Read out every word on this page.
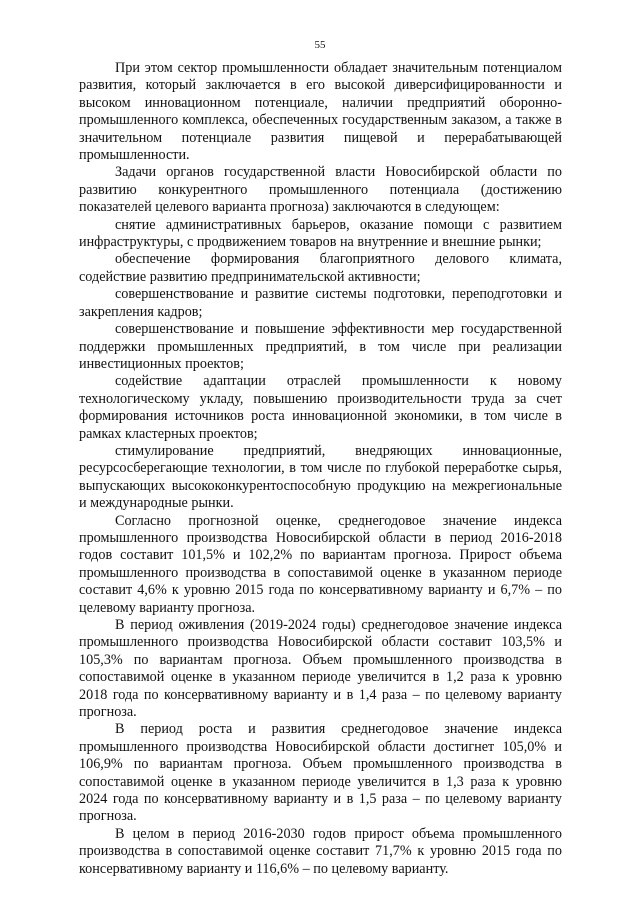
55

При этом сектор промышленности обладает значительным потенциалом развития, который заключается в его высокой диверсифицированности и высоком инновационном потенциале, наличии предприятий оборонно-промышленного комплекса, обеспеченных государственным заказом, а также в значительном потенциале развития пищевой и перерабатывающей промышленности.

Задачи органов государственной власти Новосибирской области по развитию конкурентного промышленного потенциала (достижению показателей целевого варианта прогноза) заключаются в следующем:

снятие административных барьеров, оказание помощи с развитием инфраструктуры, с продвижением товаров на внутренние и внешние рынки;

обеспечение формирования благоприятного делового климата, содействие развитию предпринимательской активности;

совершенствование и развитие системы подготовки, переподготовки и закрепления кадров;

совершенствование и повышение эффективности мер государственной поддержки промышленных предприятий, в том числе при реализации инвестиционных проектов;

содействие адаптации отраслей промышленности к новому технологическому укладу, повышению производительности труда за счет формирования источников роста инновационной экономики, в том числе в рамках кластерных проектов;

стимулирование предприятий, внедряющих инновационные, ресурсосберегающие технологии, в том числе по глубокой переработке сырья, выпускающих высококонкурентоспособную продукцию на межрегиональные и международные рынки.

Согласно прогнозной оценке, среднегодовое значение индекса промышленного производства Новосибирской области в период 2016-2018 годов составит 101,5% и 102,2% по вариантам прогноза. Прирост объема промышленного производства в сопоставимой оценке в указанном периоде составит 4,6% к уровню 2015 года по консервативному варианту и 6,7% – по целевому варианту прогноза.

В период оживления (2019-2024 годы) среднегодовое значение индекса промышленного производства Новосибирской области составит 103,5% и 105,3% по вариантам прогноза. Объем промышленного производства в сопоставимой оценке в указанном периоде увеличится в 1,2 раза к уровню 2018 года по консервативному варианту и в 1,4 раза – по целевому варианту прогноза.

В период роста и развития среднегодовое значение индекса промышленного производства Новосибирской области достигнет 105,0% и 106,9% по вариантам прогноза. Объем промышленного производства в сопоставимой оценке в указанном периоде увеличится в 1,3 раза к уровню 2024 года по консервативному варианту и в 1,5 раза – по целевому варианту прогноза.

В целом в период 2016-2030 годов прирост объема промышленного производства в сопоставимой оценке составит 71,7% к уровню 2015 года по консервативному варианту и 116,6% – по целевому варианту.
